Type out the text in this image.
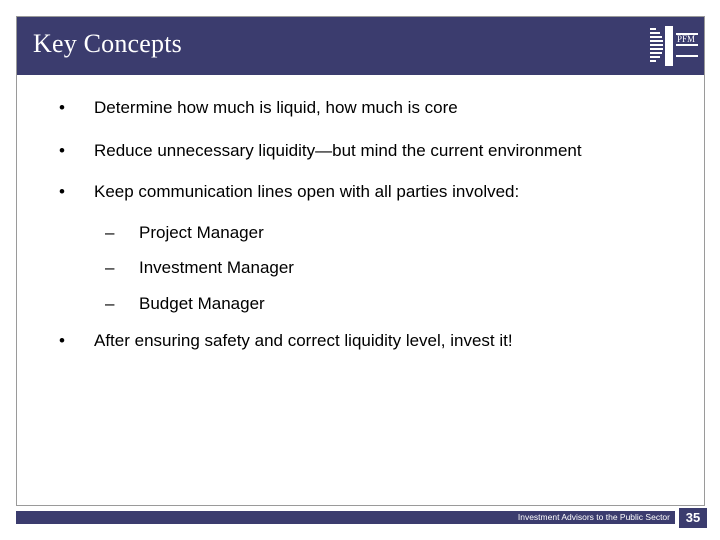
Key Concepts	PFM
• Determine how much is liquid, how much is core
• Reduce unnecessary liquidity—but mind the current environment
• Keep communication lines open with all parties involved:
– Project Manager
– Investment Manager
– Budget Manager
• After ensuring safety and correct liquidity level, invest it!
Investment Advisors to the Public Sector	35
